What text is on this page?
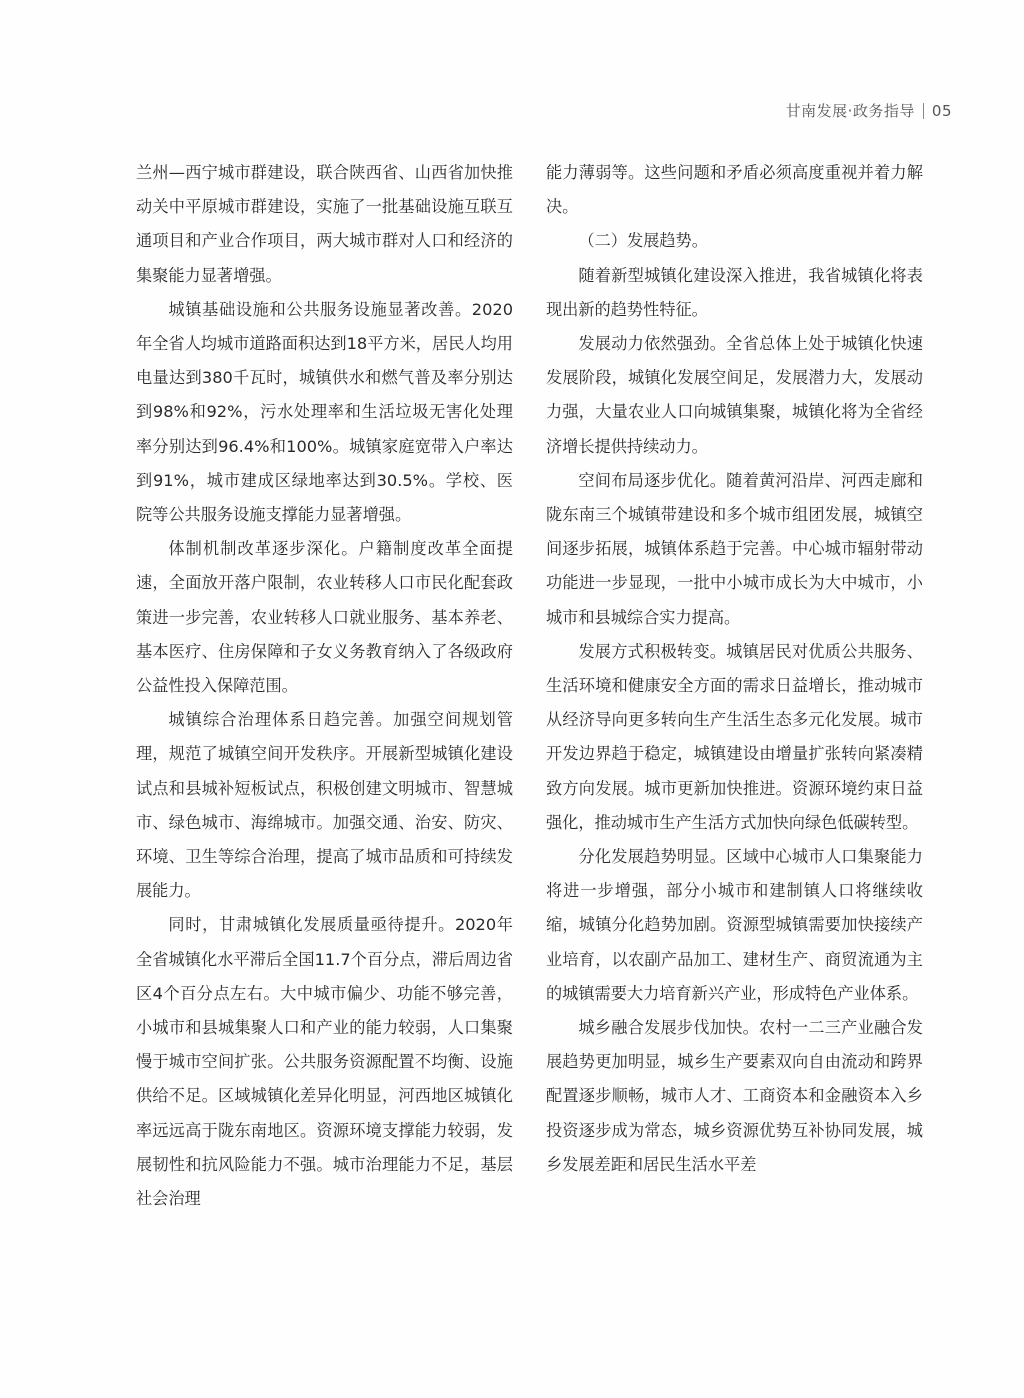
甘南发展·政务指导 05

兰州—西宁城市群建设，联合陕西省、山西省加快推动关中平原城市群建设，实施了一批基础设施互联互通项目和产业合作项目，两大城市群对人口和经济的集聚能力显著增强。

城镇基础设施和公共服务设施显著改善。2020年全省人均城市道路面积达到18平方米，居民人均用电量达到380千瓦时，城镇供水和燃气普及率分别达到98%和92%，污水处理率和生活垃圾无害化处理率分别达到96.4%和100%。城镇家庭宽带入户率达到91%，城市建成区绿地率达到30.5%。学校、医院等公共服务设施支撑能力显著增强。

体制机制改革逐步深化。户籍制度改革全面提速，全面放开落户限制，农业转移人口市民化配套政策进一步完善，农业转移人口就业服务、基本养老、基本医疗、住房保障和子女义务教育纳入了各级政府公益性投入保障范围。

城镇综合治理体系日趋完善。加强空间规划管理，规范了城镇空间开发秩序。开展新型城镇化建设试点和县城补短板试点，积极创建文明城市、智慧城市、绿色城市、海绵城市。加强交通、治安、防灾、环境、卫生等综合治理，提高了城市品质和可持续发展能力。

同时，甘肃城镇化发展质量亟待提升。2020年全省城镇化水平滞后全国11.7个百分点，滞后周边省区4个百分点左右。大中城市偏少、功能不够完善，小城市和县城集聚人口和产业的能力较弱，人口集聚慢于城市空间扩张。公共服务资源配置不均衡、设施供给不足。区域城镇化差异化明显，河西地区城镇化率远远高于陇东南地区。资源环境支撑能力较弱，发展韧性和抗风险能力不强。城市治理能力不足，基层社会治理

能力薄弱等。这些问题和矛盾必须高度重视并着力解决。

（二）发展趋势。

随着新型城镇化建设深入推进，我省城镇化将表现出新的趋势性特征。

发展动力依然强劲。全省总体上处于城镇化快速发展阶段，城镇化发展空间足，发展潜力大，发展动力强，大量农业人口向城镇集聚，城镇化将为全省经济增长提供持续动力。

空间布局逐步优化。随着黄河沿岸、河西走廊和陇东南三个城镇带建设和多个城市组团发展，城镇空间逐步拓展，城镇体系趋于完善。中心城市辐射带动功能进一步显现，一批中小城市成长为大中城市，小城市和县城综合实力提高。

发展方式积极转变。城镇居民对优质公共服务、生活环境和健康安全方面的需求日益增长，推动城市从经济导向更多转向生产生活生态多元化发展。城市开发边界趋于稳定，城镇建设由增量扩张转向紧凑精致方向发展。城市更新加快推进。资源环境约束日益强化，推动城市生产生活方式加快向绿色低碳转型。

分化发展趋势明显。区域中心城市人口集聚能力将进一步增强，部分小城市和建制镇人口将继续收缩，城镇分化趋势加剧。资源型城镇需要加快接续产业培育，以农副产品加工、建材生产、商贸流通为主的城镇需要大力培育新兴产业，形成特色产业体系。

城乡融合发展步伐加快。农村一二三产业融合发展趋势更加明显，城乡生产要素双向自由流动和跨界配置逐步顺畅，城市人才、工商资本和金融资本入乡投资逐步成为常态，城乡资源优势互补协同发展，城乡发展差距和居民生活水平差
